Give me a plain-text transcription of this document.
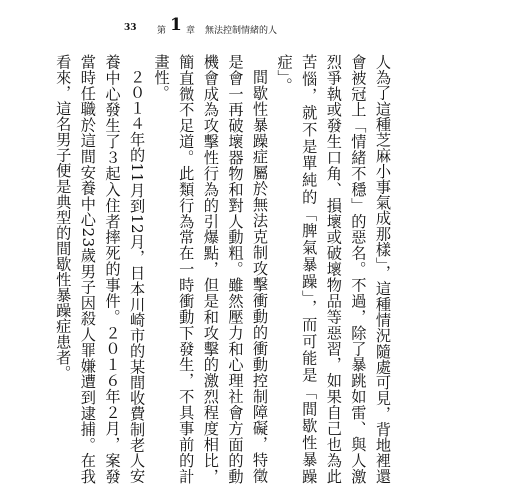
33 第 1 章 無法控制情緒的人

人為了這種芝麻小事氣成那樣」，這種情況隨處可見，背地裡還會被冠上「情緒不穩」的惡名。不過，除了暴跳如雷、與人激烈爭執或發生口角、損壞或破壞物品等惡習，如果自己也為此苦惱，就不是單純的「脾氣暴躁」，而可能是「間歇性暴躁症」。

間歇性暴躁症屬於無法克制攻擊衝動的衝動控制障礙，特徵是會一再破壞器物和對人動粗。雖然壓力和心理社會方面的動機會成為攻擊性行為的引爆點，但是和攻擊的激烈程度相比，簡直微不足道。此類行為常在一時衝動下發生，不具事前的計畫性。

２０１４年的11月到12月，日本川崎市的某間收費制老人安養中心發生了３起入住者摔死的事件。２０１６年２月，案發當時任職於這間安養中心23歲男子因殺人罪嫌遭到逮捕。在我看來，這名男子便是典型的間歇性暴躁症患者。
